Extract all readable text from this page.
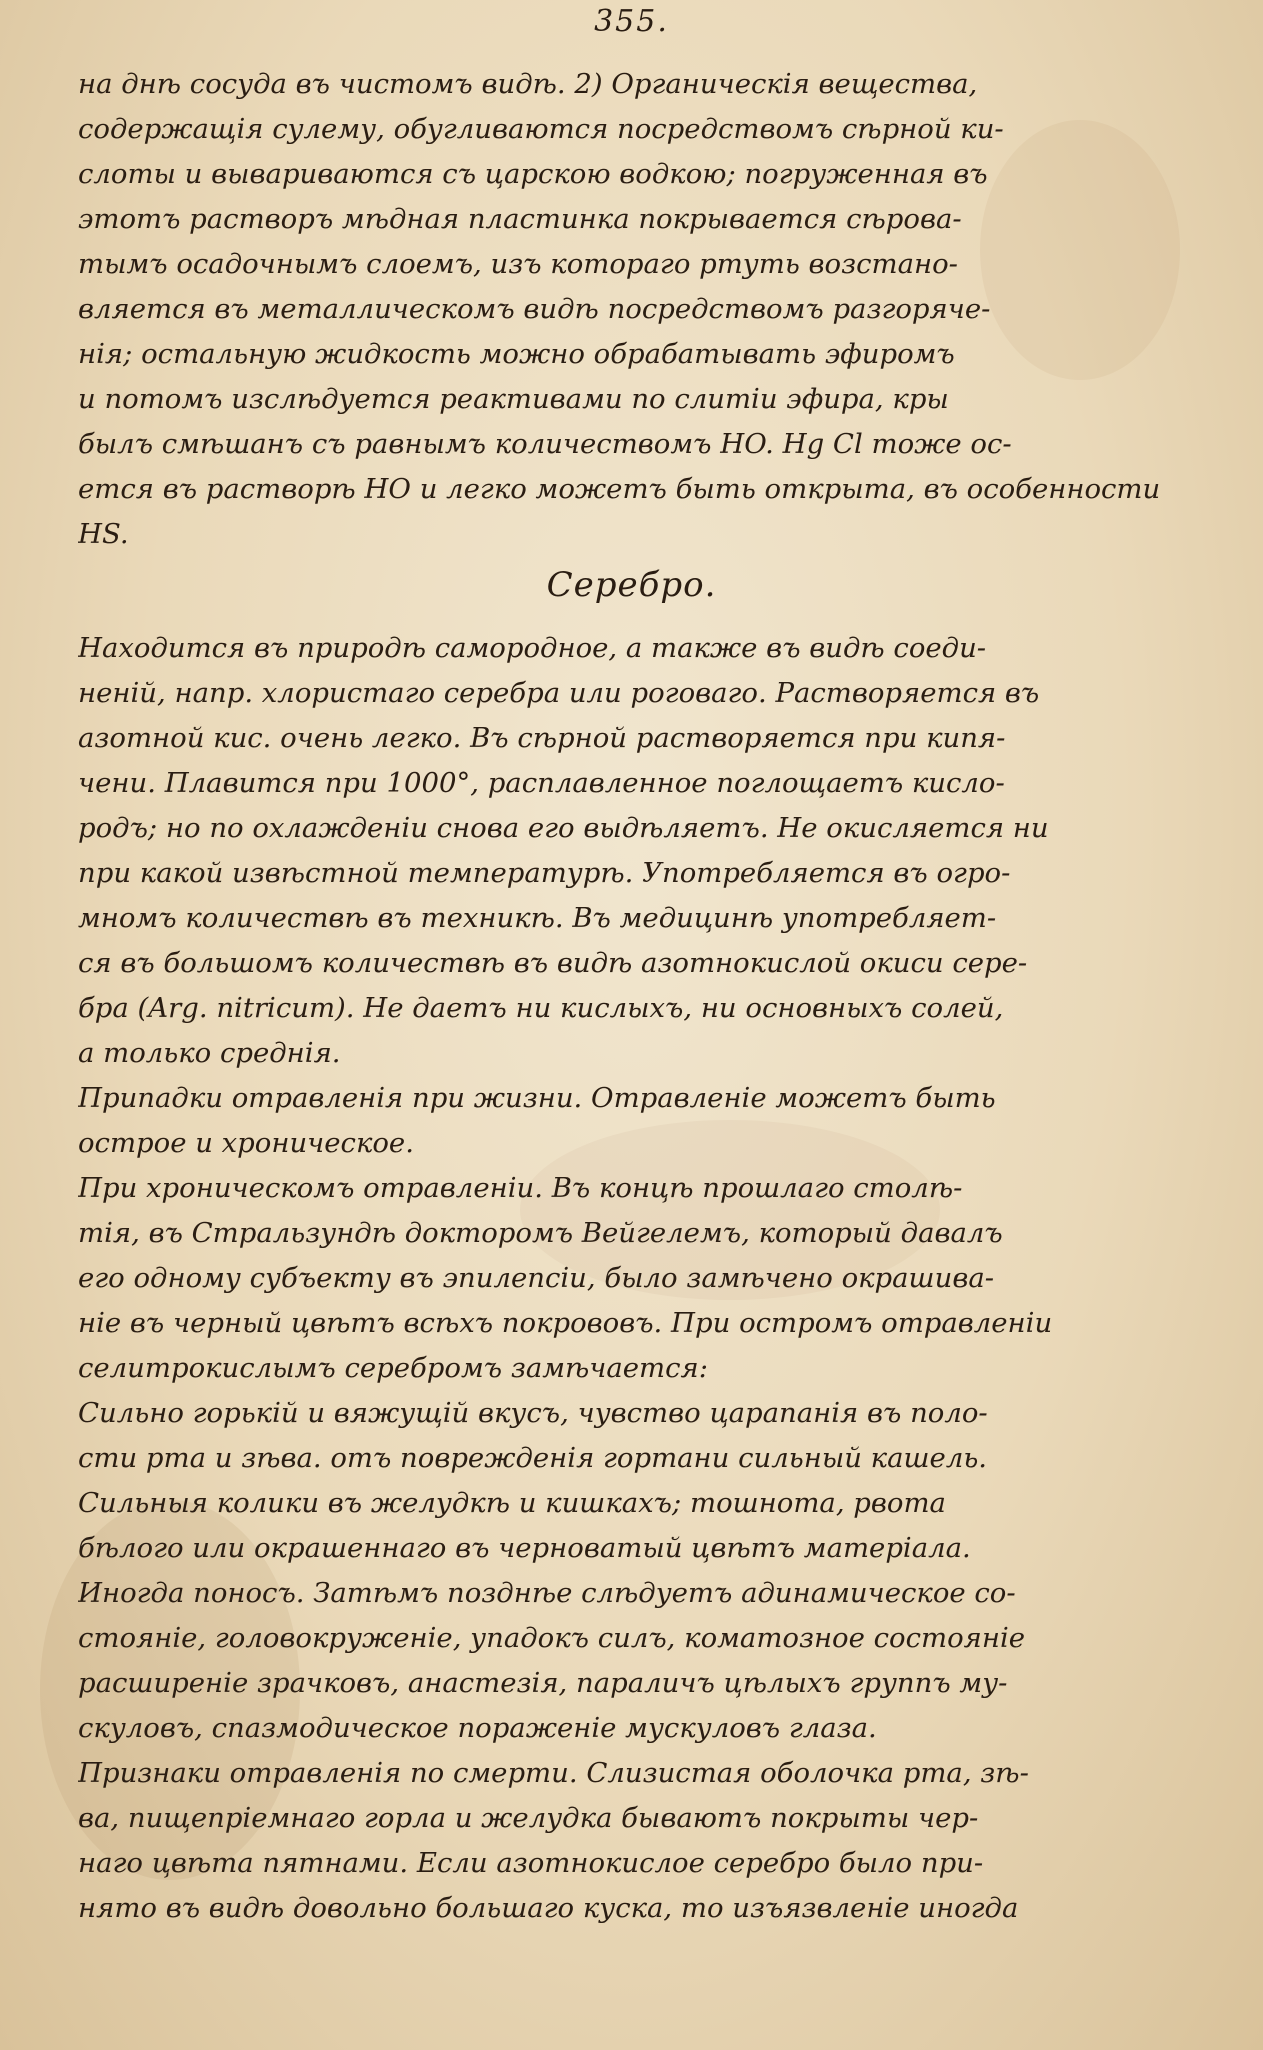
355.
на днѣ сосуда въ чистомъ видѣ. 2) Органическія вещества,
содержащія сулему, обугливаются посредствомъ сѣрной ки-
слоты и вывариваются съ царскою водкою; погруженная въ
этотъ растворъ мѣдная пластинка покрывается сѣровa-
тымъ осадочнымъ слоемъ, изъ котораго ртуть возстано-
вляется въ металлическомъ видѣ посредствомъ разгорячe-
нія; остальную жидкость можно обрабатывать эфиромъ
и потомъ изслѣдуется реактивами по слитіи эфира, кры
былъ смѣшанъ съ равнымъ количествомъ HO. Hg Cl тоже ос-
ется въ растворѣ HO и легко можетъ быть открыта, въ особенности
HS.
Серебро.
Находится въ природѣ самородное, а также въ видѣ соеди-
неній, напр. хлористаго серебра или роговаго. Растворяется въ
азотной кис. очень легко. Въ сѣрной растворяется при кипя-
чени. Плавится при 1000°, расплавленное поглощаетъ кисло-
родъ; но по охлажденіи снова его выдѣляетъ. Не окисляется ни
при какой извѣстной температурѣ. Употребляется въ огро-
мномъ количествѣ въ техникѣ. Въ медицинѣ употребляет-
ся въ большомъ количествѣ въ видѣ азотнокислой окиси сере-
бра (Arg. nitricum). Не даетъ ни кислыхъ, ни основныхъ солей,
а только среднія.
Припадки отравленія при жизни. Отравленіе можетъ быть
острое и хроническое.
При хроническомъ отравленіи. Въ концѣ прошлаго столѣ-
тія, въ Стральзундѣ докторомъ Вейгелемъ, который давалъ
его одному субъекту въ эпилепсіи, было замѣчено окрашива-
ніе въ черный цвѣтъ всѣхъ покрововъ. При остромъ отравленіи
селитрокислымъ серебромъ замѣчается:
Сильно горькій и вяжущій вкусъ, чувство царапанія въ поло-
сти рта и зѣва. отъ поврежденія гортани сильный кашель.
Сильныя колики въ желудкѣ и кишкахъ; тошнота, рвота
бѣлого или окрашеннаго въ черноватый цвѣтъ матеріала.
Иногда поносъ. Затѣмъ позднѣе слѣдуетъ адинамическое со-
стояніе, головокруженіе, упадокъ силъ, коматозное состояніе
расширеніе зрачковъ, анастезія, параличъ цѣлыхъ группъ му-
скуловъ, спазмодическое пораженіе мускуловъ глаза.
Признаки отравленія по смерти. Слизистая оболочка рта, зѣ-
ва, пищепріемнаго горла и желудка бываютъ покрыты чер-
наго цвѣта пятнами. Если азотнокислое серебро было при-
нято въ видѣ довольно большаго куска, то изъязвленіе иногда
